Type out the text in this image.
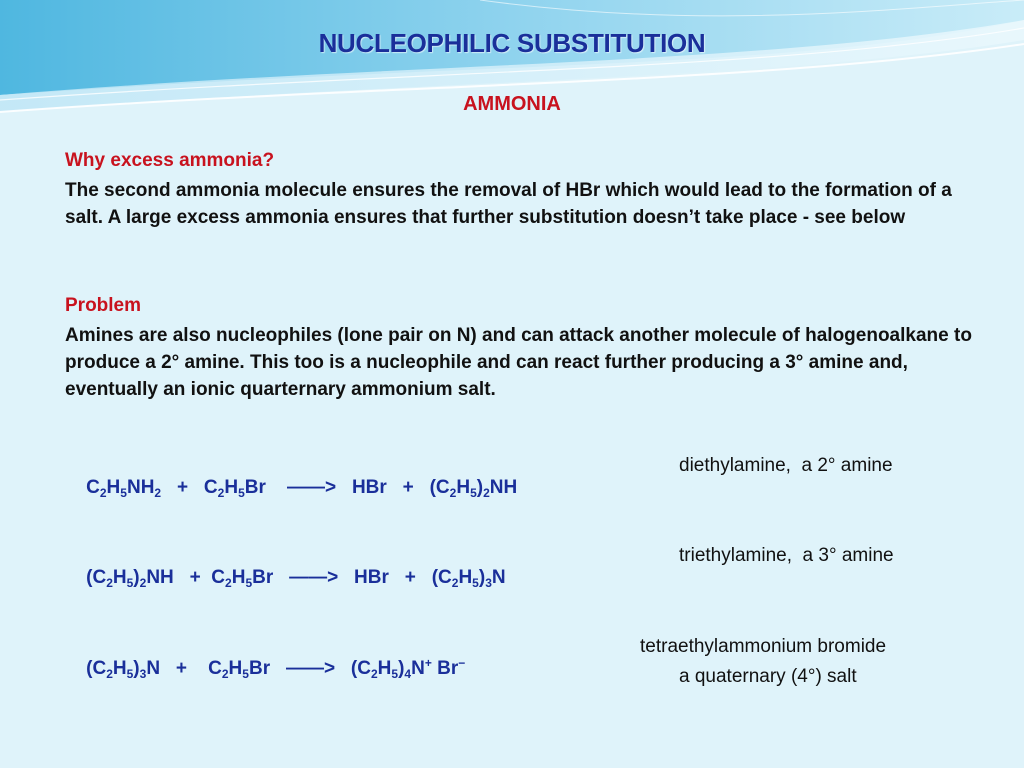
NUCLEOPHILIC SUBSTITUTION
AMMONIA
Why excess ammonia?

The second ammonia molecule ensures the removal of HBr which would lead to the formation of a salt. A large excess ammonia ensures that further substitution doesn’t take place - see below

Problem

Amines are also nucleophiles (lone pair on N) and can attack another molecule of halogenoalkane to produce a 2° amine. This too is a nucleophile and can react further producing a 3° amine and, eventually an ionic quarternary ammonium salt.

$C_2H_5NH_2 + C_2H_5Br$ ——> HBr + $(C_2H_5)_2NH$

diethylamine,  a 2° amine

$(C_2H_5)_2NH + C_2H_5Br$ ——> HBr + $(C_2H_5)_3N$

triethylamine,  a 3° amine

$(C_2H_5)_3N + C_2H_5Br$ ——> $(C_2H_5)_4N^+$ Br−

tetraethylammonium bromide
a quaternary (4°) salt
